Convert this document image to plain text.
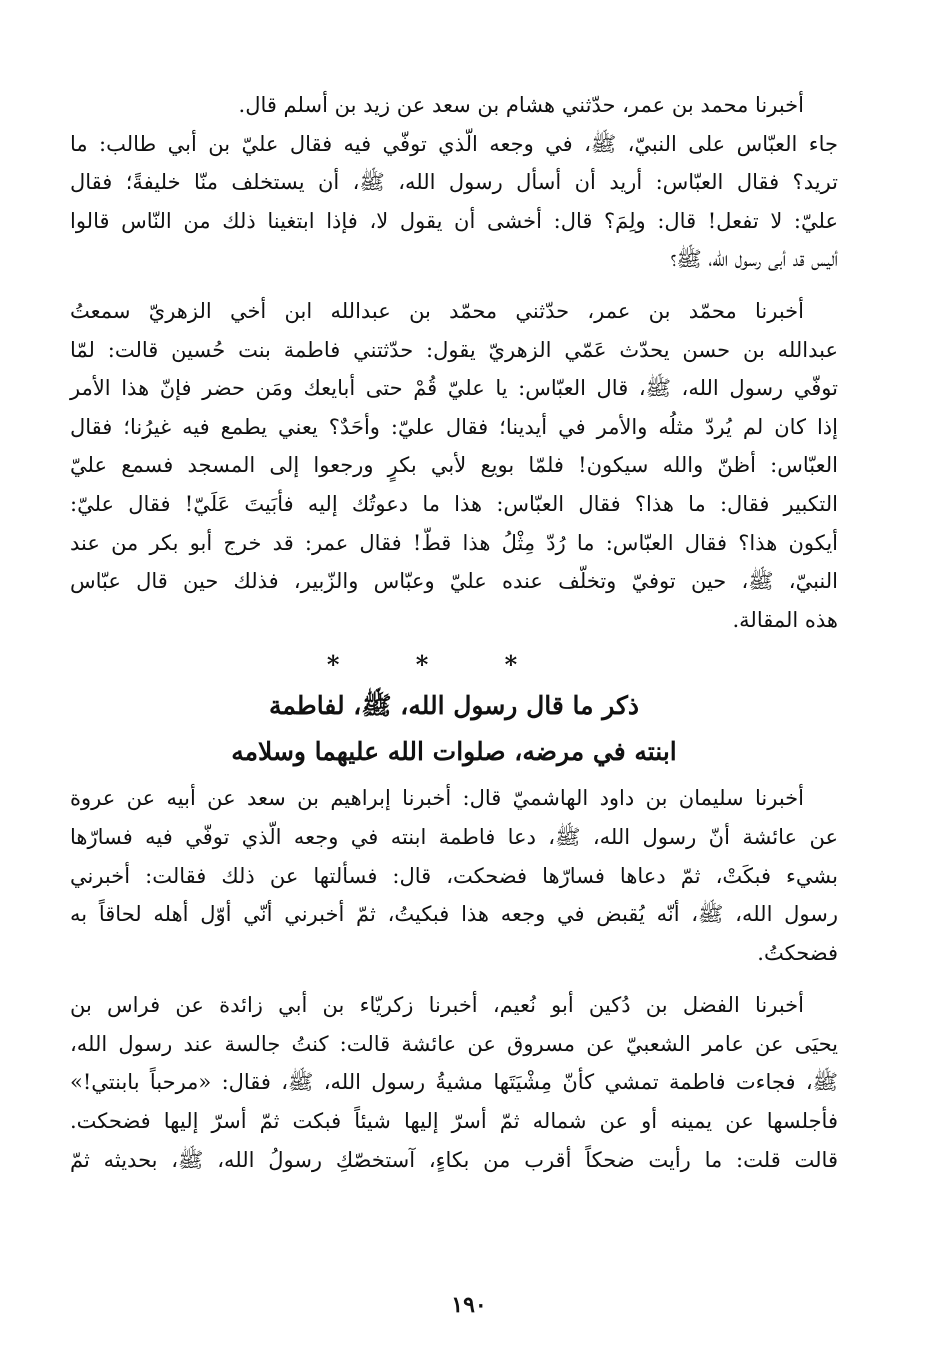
أخبرنا محمد بن عمر، حدّثني هشام بن سعد عن زيد بن أسلم قال.

جاء العبّاس على النبيّ، ﷺ، في وجعه الّذي توفّي فيه فقال عليّ بن أبي طالب: ما

تريد؟ فقال العبّاس: أريد أن أسأل رسول الله، ﷺ، أن يستخلف منّا خليفةً؛ فقال

عليّ: لا تفعل! قال: ولِمَ؟ قال: أخشى أن يقول لا، فإذا ابتغينا ذلك من النّاس قالوا

أليس قد أبى رسول الله، ﷺ؟

أخبرنا محمّد بن عمر، حدّثني محمّد بن عبدالله ابن أخي الزهريّ سمعتُ

عبدالله بن حسن يحدّث عَمّي الزهريّ يقول: حدّثتني فاطمة بنت حُسين قالت: لمّا

توفّي رسول الله، ﷺ، قال العبّاس: يا عليّ قُمْ حتى أبايعك ومَن حضر فإنّ هذا الأمر

إذا كان لم يُردّ مثلُه والأمر في أيدينا؛ فقال عليّ: وأحَدٌ؟ يعني يطمع فيه غيرُنا؛ فقال

العبّاس: أظنّ والله سيكون! فلمّا بويع لأبي بكرٍ ورجعوا إلى المسجد فسمع عليّ

التكبير فقال: ما هذا؟ فقال العبّاس: هذا ما دعوتُك إليه فأبَيتَ عَلَيّ! فقال عليّ:

أيكون هذا؟ فقال العبّاس: ما رُدّ مِثْلُ هذا قطّ! فقال عمر: قد خرج أبو بكر من عند

النبيّ، ﷺ، حين توفيّ وتخلّف عنده عليّ وعبّاس والزّبير، فذلك حين قال عبّاس

هذه المقالة.

* * *
ذكر ما قال رسول الله، ﷺ، لفاطمة
ابنته في مرضه، صلوات الله عليهما وسلامه

أخبرنا سليمان بن داود الهاشميّ قال: أخبرنا إبراهيم بن سعد عن أبيه عن عروة

عن عائشة أنّ رسول الله، ﷺ، دعا فاطمة ابنته في وجعه الّذي توفّي فيه فسارّها

بشيء فبكَتْ، ثمّ دعاها فسارّها فضحكت، قال: فسألتها عن ذلك فقالت: أخبرني

رسول الله، ﷺ، أنّه يُقبض في وجعه هذا فبكيتُ، ثمّ أخبرني أنّي أوّل أهله لحاقاً به

فضحكتُ.

أخبرنا الفضل بن دُكين أبو نُعيم، أخبرنا زكريّاء بن أبي زائدة عن فراس بن

يحيَى عن عامر الشعبيّ عن مسروق عن عائشة قالت: كنتُ جالسة عند رسول الله،

ﷺ، فجاءت فاطمة تمشي كأنّ مِشْيَتَها مشيةُ رسول الله، ﷺ، فقال: «مرحباً بابنتي!»

فأجلسها عن يمينه أو عن شماله ثمّ أسرّ إليها شيئاً فبكت ثمّ أسرّ إليها فضحكت.

قالت قلت: ما رأيت ضحكاً أقرب من بكاءٍ، آستخصّكِ رسولُ الله، ﷺ، بحديثه ثمّ

١٩٠
